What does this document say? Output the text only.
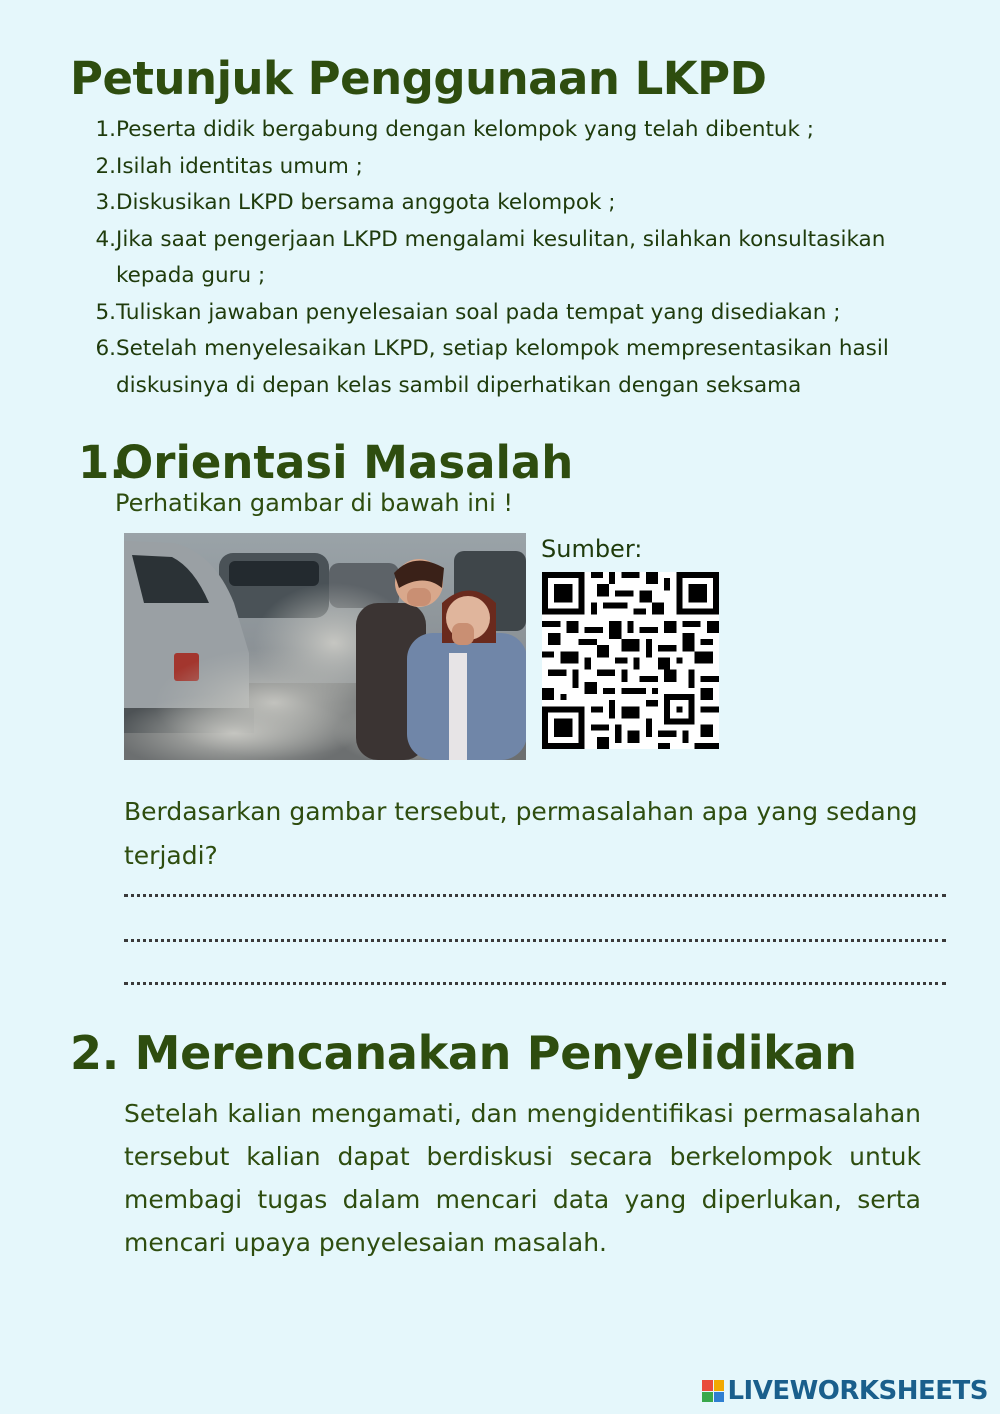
Petunjuk Penggunaan LKPD
1. Peserta didik bergabung dengan kelompok yang telah dibentuk ;
2. Isilah identitas umum ;
3. Diskusikan LKPD bersama anggota kelompok ;
4. Jika saat pengerjaan LKPD mengalami kesulitan, silahkan konsultasikan kepada guru ;
5. Tuliskan jawaban penyelesaian soal pada tempat yang disediakan ;
6. Setelah menyelesaikan LKPD, setiap kelompok mempresentasikan hasil diskusinya di depan kelas sambil diperhatikan dengan seksama
1.
Orientasi Masalah
Perhatikan gambar di bawah ini !
Sumber:

Berdasarkan gambar tersebut, permasalahan apa yang sedang terjadi?

2. Merencanakan Penyelidikan

Setelah kalian mengamati, dan mengidentifikasi permasalahan tersebut kalian dapat berdiskusi secara berkelompok untuk membagi tugas dalam mencari data yang diperlukan, serta mencari upaya penyelesaian masalah.

LIVEWORKSHEETS
